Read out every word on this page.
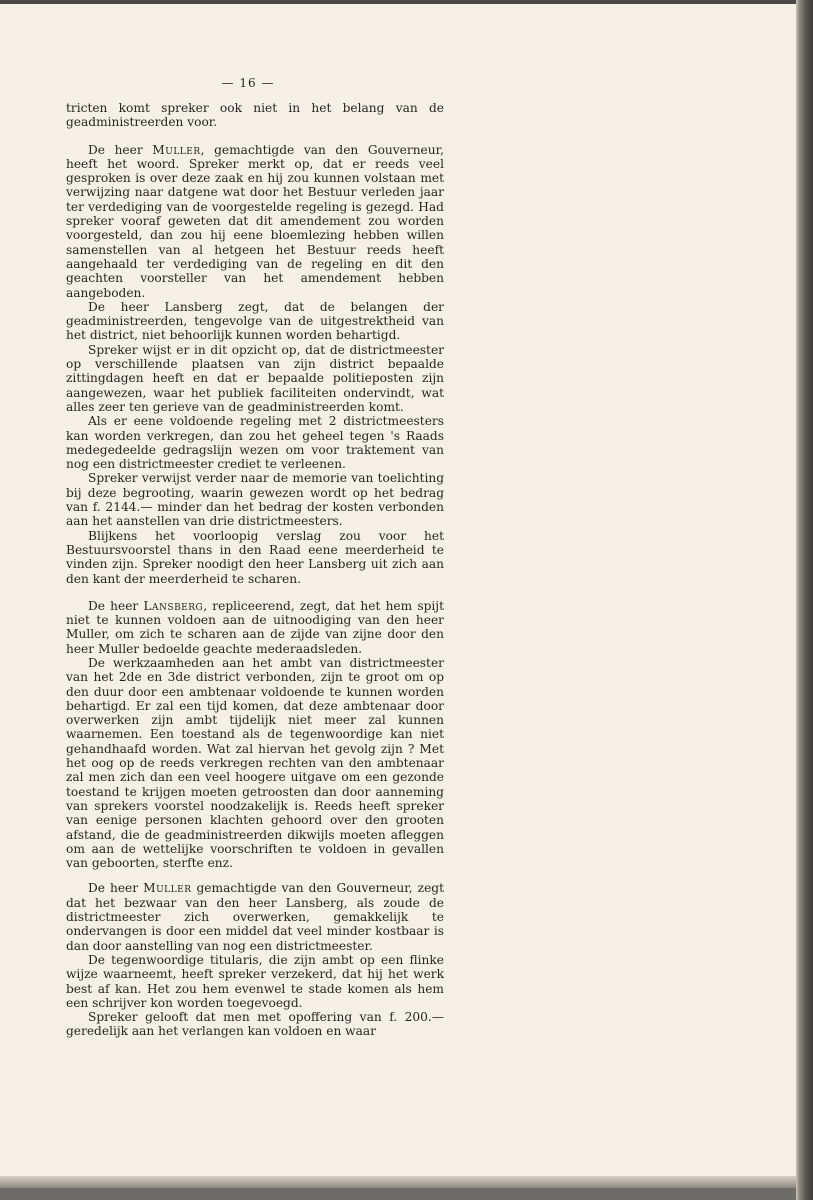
— 16 —

tricten komt spreker ook niet in het belang van de geadministreerden voor.

De heer Muller, gemachtigde van den Gouverneur, heeft het woord. Spreker merkt op, dat er reeds veel gesproken is over deze zaak en hij zou kunnen volstaan met verwijzing naar datgene wat door het Bestuur verleden jaar ter verdediging van de voorgestelde regeling is gezegd. Had spreker vooraf geweten dat dit amendement zou worden voorgesteld, dan zou hij eene bloemlezing hebben willen samenstellen van al hetgeen het Bestuur reeds heeft aangehaald ter verdediging van de regeling en dit den geachten voorsteller van het amendement hebben aangeboden.

De heer Lansberg zegt, dat de belangen der geadministreerden, tengevolge van de uitgestrektheid van het district, niet behoorlijk kunnen worden behartigd.

Spreker wijst er in dit opzicht op, dat de districtmeester op verschillende plaatsen van zijn district bepaalde zittingdagen heeft en dat er bepaalde politieposten zijn aangewezen, waar het publiek faciliteiten ondervindt, wat alles zeer ten gerieve van de geadministreerden komt.

Als er eene voldoende regeling met 2 districtmeesters kan worden verkregen, dan zou het geheel tegen 's Raads medegedeelde gedragslijn wezen om voor traktement van nog een districtmeester crediet te verleenen.

Spreker verwijst verder naar de memorie van toelichting bij deze begrooting, waarin gewezen wordt op het bedrag van f. 2144.— minder dan het bedrag der kosten verbonden aan het aanstellen van drie districtmeesters.

Blijkens het voorloopig verslag zou voor het Bestuursvoorstel thans in den Raad eene meerderheid te vinden zijn. Spreker noodigt den heer Lansberg uit zich aan den kant der meerderheid te scharen.

De heer Lansberg, repliceerend, zegt, dat het hem spijt niet te kunnen voldoen aan de uitnoodiging van den heer Muller, om zich te scharen aan de zijde van zijne door den heer Muller bedoelde geachte mederaadsleden.

De werkzaamheden aan het ambt van districtmeester van het 2de en 3de district verbonden, zijn te groot om op den duur door een ambtenaar voldoende te kunnen worden behartigd. Er zal een tijd komen, dat deze ambtenaar door overwerken zijn ambt tijdelijk niet meer zal kunnen waarnemen. Een toestand als de tegenwoordige kan niet gehandhaafd worden. Wat zal hiervan het gevolg zijn ? Met het oog op de reeds verkregen rechten van den ambtenaar zal men zich dan een veel hoogere uitgave om een gezonde toestand te krijgen moeten getroosten dan door aanneming van sprekers voorstel noodzakelijk is. Reeds heeft spreker van eenige personen klachten gehoord over den grooten afstand, die de geadministreerden dikwijls moeten afleggen om aan de wettelijke voorschriften te voldoen in gevallen van geboorten, sterfte enz.

De heer Muller gemachtigde van den Gouverneur, zegt dat het bezwaar van den heer Lansberg, als zoude de districtmeester zich overwerken, gemakkelijk te ondervangen is door een middel dat veel minder kostbaar is dan door aanstelling van nog een districtmeester.

De tegenwoordige titularis, die zijn ambt op een flinke wijze waarneemt, heeft spreker verzekerd, dat hij het werk best af kan. Het zou hem evenwel te stade komen als hem een schrijver kon worden toegevoegd.

Spreker gelooft dat men met opoffering van f. 200.— geredelijk aan het verlangen kan voldoen en waar
